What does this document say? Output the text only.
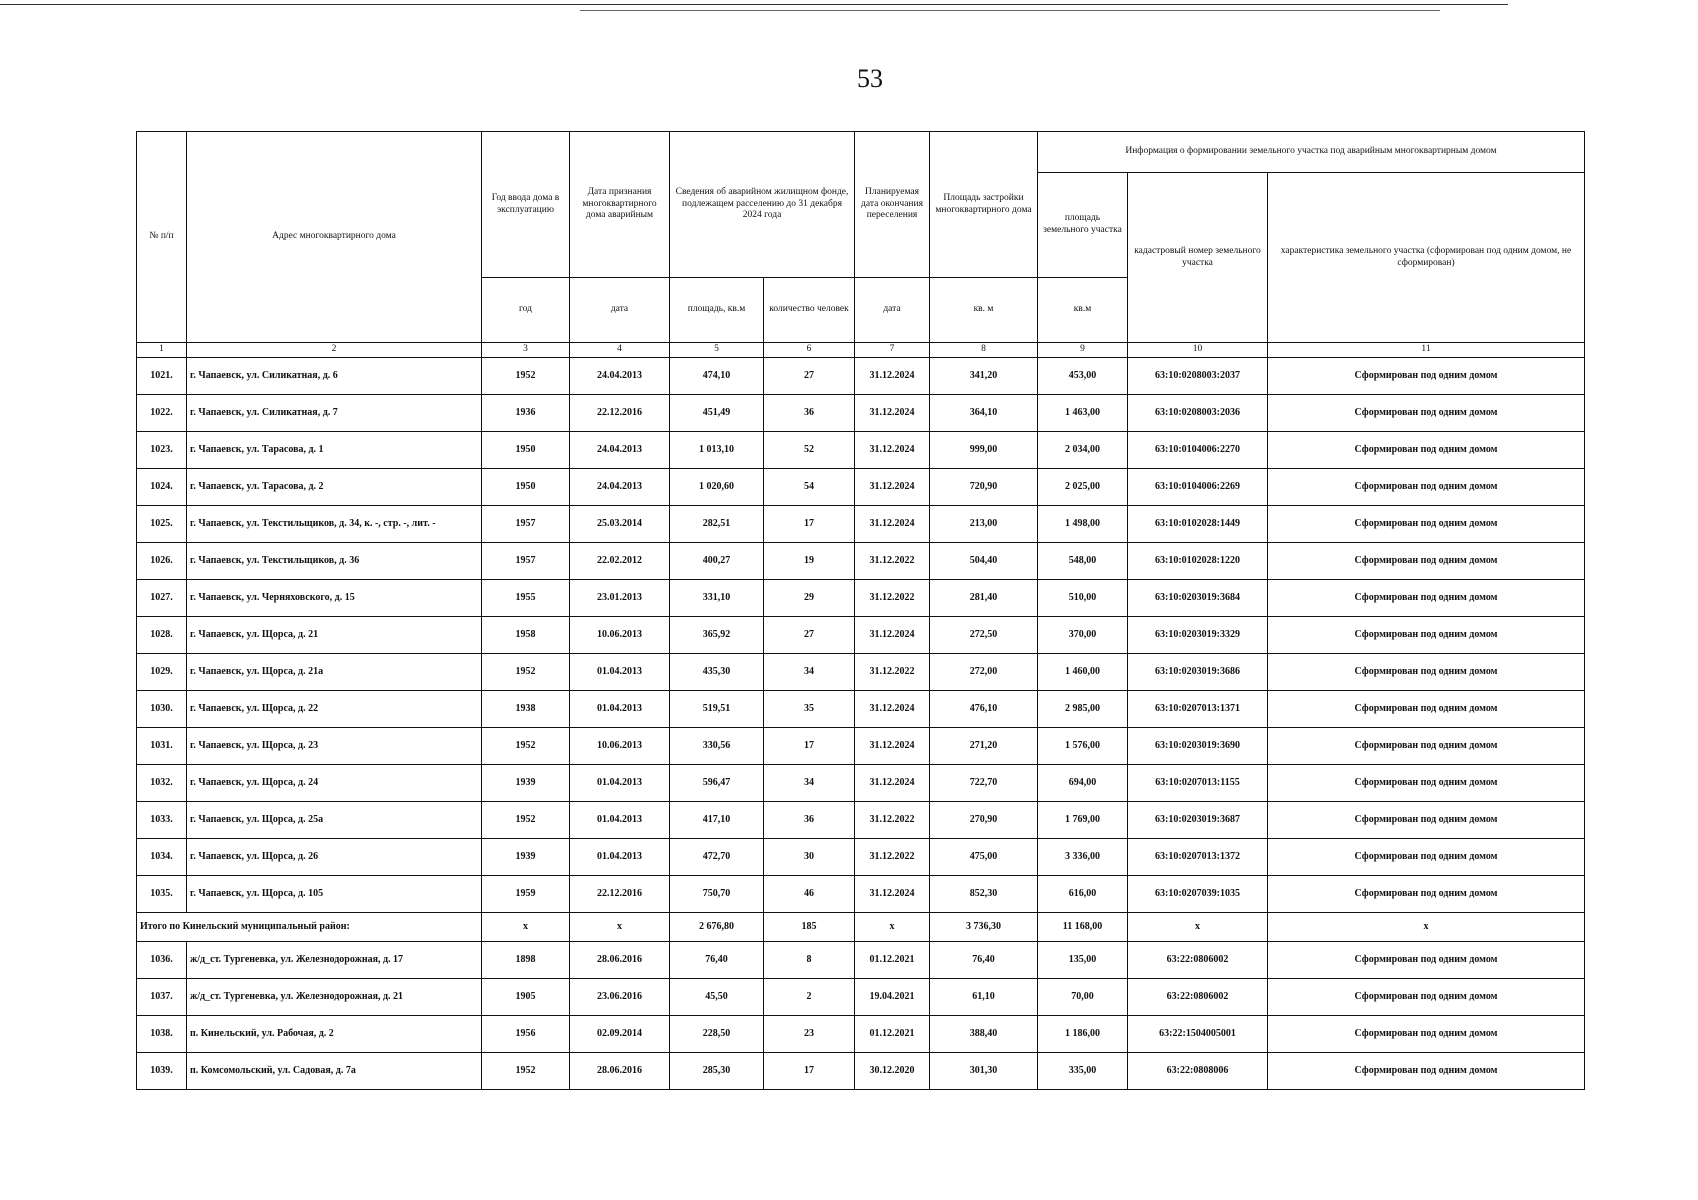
53
№ п/п	Адрес многоквартирного дома	Год ввода дома в эксплуатацию	Дата признания многоквартирного дома аварийным	Сведения об аварийном жилищном фонде, подлежащем расселению до 31 декабря 2024 года		Планируемая дата окончания переселения	Площадь застройки многоквартирного дома	Информация о формировании земельного участка под аварийным многоквартирным домом		
								площадь земельного участка	кадастровый номер земельного участка	характеристика земельного участка (сформирован под одним домом, не сформирован)
		год	дата	площадь, кв.м	количество человек	дата	кв. м	кв.м		
1	2	3	4	5	6	7	8	9	10	11
1021.	г. Чапаевск, ул. Силикатная, д. 6	1952	24.04.2013	474,10	27	31.12.2024	341,20	453,00	63:10:0208003:2037	Сформирован под одним домом
1022.	г. Чапаевск, ул. Силикатная, д. 7	1936	22.12.2016	451,49	36	31.12.2024	364,10	1 463,00	63:10:0208003:2036	Сформирован под одним домом
1023.	г. Чапаевск, ул. Тарасова, д. 1	1950	24.04.2013	1 013,10	52	31.12.2024	999,00	2 034,00	63:10:0104006:2270	Сформирован под одним домом
1024.	г. Чапаевск, ул. Тарасова, д. 2	1950	24.04.2013	1 020,60	54	31.12.2024	720,90	2 025,00	63:10:0104006:2269	Сформирован под одним домом
1025.	г. Чапаевск, ул. Текстильщиков, д. 34, к. -, стр. -, лит. -	1957	25.03.2014	282,51	17	31.12.2024	213,00	1 498,00	63:10:0102028:1449	Сформирован под одним домом
1026.	г. Чапаевск, ул. Текстильщиков, д. 36	1957	22.02.2012	400,27	19	31.12.2022	504,40	548,00	63:10:0102028:1220	Сформирован под одним домом
1027.	г. Чапаевск, ул. Черняховского, д. 15	1955	23.01.2013	331,10	29	31.12.2022	281,40	510,00	63:10:0203019:3684	Сформирован под одним домом
1028.	г. Чапаевск, ул. Щорса, д. 21	1958	10.06.2013	365,92	27	31.12.2024	272,50	370,00	63:10:0203019:3329	Сформирован под одним домом
1029.	г. Чапаевск, ул. Щорса, д. 21а	1952	01.04.2013	435,30	34	31.12.2022	272,00	1 460,00	63:10:0203019:3686	Сформирован под одним домом
1030.	г. Чапаевск, ул. Щорса, д. 22	1938	01.04.2013	519,51	35	31.12.2024	476,10	2 985,00	63:10:0207013:1371	Сформирован под одним домом
1031.	г. Чапаевск, ул. Щорса, д. 23	1952	10.06.2013	330,56	17	31.12.2024	271,20	1 576,00	63:10:0203019:3690	Сформирован под одним домом
1032.	г. Чапаевск, ул. Щорса, д. 24	1939	01.04.2013	596,47	34	31.12.2024	722,70	694,00	63:10:0207013:1155	Сформирован под одним домом
1033.	г. Чапаевск, ул. Щорса, д. 25а	1952	01.04.2013	417,10	36	31.12.2022	270,90	1 769,00	63:10:0203019:3687	Сформирован под одним домом
1034.	г. Чапаевск, ул. Щорса, д. 26	1939	01.04.2013	472,70	30	31.12.2022	475,00	3 336,00	63:10:0207013:1372	Сформирован под одним домом
1035.	г. Чапаевск, ул. Щорса, д. 105	1959	22.12.2016	750,70	46	31.12.2024	852,30	616,00	63:10:0207039:1035	Сформирован под одним домом
Итого по Кинельский муниципальный район:		x	x	2 676,80	185	x	3 736,30	11 168,00	x	x
1036.	ж/д_ст. Тургеневка, ул. Железнодорожная, д. 17	1898	28.06.2016	76,40	8	01.12.2021	76,40	135,00	63:22:0806002	Сформирован под одним домом
1037.	ж/д_ст. Тургеневка, ул. Железнодорожная, д. 21	1905	23.06.2016	45,50	2	19.04.2021	61,10	70,00	63:22:0806002	Сформирован под одним домом
1038.	п. Кинельский, ул. Рабочая, д. 2	1956	02.09.2014	228,50	23	01.12.2021	388,40	1 186,00	63:22:1504005001	Сформирован под одним домом
1039.	п. Комсомольский, ул. Садовая, д. 7а	1952	28.06.2016	285,30	17	30.12.2020	301,30	335,00	63:22:0808006	Сформирован под одним домом
